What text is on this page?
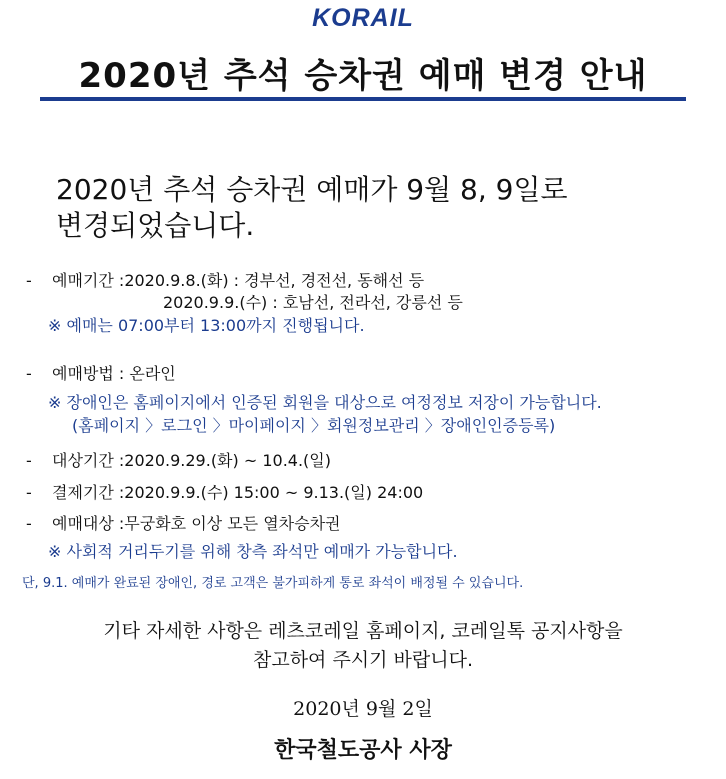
KORAIL
2020년 추석 승차권 예매 변경 안내
2020년 추석 승차권 예매가 9월 8, 9일로
변경되었습니다.
- 예매기간 :2020.9.8.(화) : 경부선, 경전선, 동해선 등
2020.9.9.(수) : 호남선, 전라선, 강릉선 등
※ 예매는 07:00부터 13:00까지 진행됩니다.
- 예매방법 : 온라인
※ 장애인은 홈페이지에서 인증된 회원을 대상으로 여정정보 저장이 가능합니다.
(홈페이지 〉로그인 〉마이페이지 〉회원정보관리 〉장애인인증등록)
- 대상기간 :2020.9.29.(화) ~ 10.4.(일)
- 결제기간 :2020.9.9.(수) 15:00 ~ 9.13.(일) 24:00
- 예매대상 :무궁화호 이상 모든 열차승차권
※ 사회적 거리두기를 위해 창측 좌석만 예매가 가능합니다.
단, 9.1. 예매가 완료된 장애인, 경로 고객은 불가피하게 통로 좌석이 배정될 수 있습니다.
기타 자세한 사항은 레츠코레일 홈페이지, 코레일톡 공지사항을
참고하여 주시기 바랍니다.
2020년 9월 2일
한국철도공사 사장
